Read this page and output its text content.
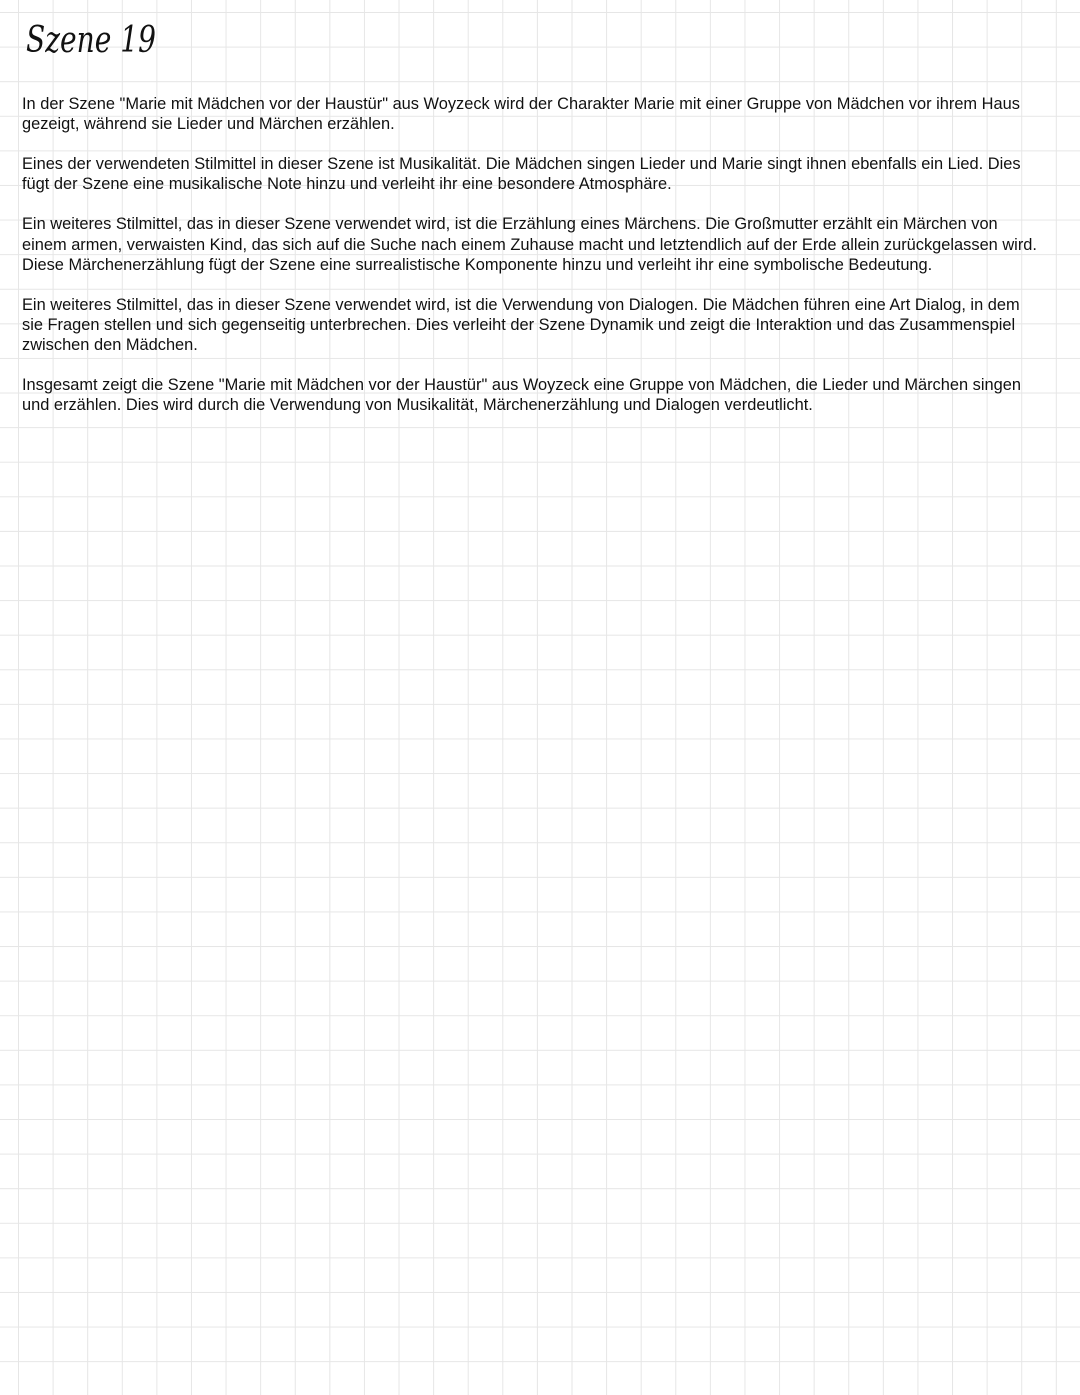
Szene 19

In der Szene "Marie mit Mädchen vor der Haustür" aus Woyzeck wird der Charakter Marie mit einer Gruppe von Mädchen vor ihrem Haus gezeigt, während sie Lieder und Märchen erzählen.

Eines der verwendeten Stilmittel in dieser Szene ist Musikalität. Die Mädchen singen Lieder und Marie singt ihnen ebenfalls ein Lied. Dies fügt der Szene eine musikalische Note hinzu und verleiht ihr eine besondere Atmosphäre.

Ein weiteres Stilmittel, das in dieser Szene verwendet wird, ist die Erzählung eines Märchens. Die Großmutter erzählt ein Märchen von einem armen, verwaisten Kind, das sich auf die Suche nach einem Zuhause macht und letztendlich auf der Erde allein zurückgelassen wird. Diese Märchenerzählung fügt der Szene eine surrealistische Komponente hinzu und verleiht ihr eine symbolische Bedeutung.

Ein weiteres Stilmittel, das in dieser Szene verwendet wird, ist die Verwendung von Dialogen. Die Mädchen führen eine Art Dialog, in dem sie Fragen stellen und sich gegenseitig unterbrechen. Dies verleiht der Szene Dynamik und zeigt die Interaktion und das Zusammenspiel zwischen den Mädchen.

Insgesamt zeigt die Szene "Marie mit Mädchen vor der Haustür" aus Woyzeck eine Gruppe von Mädchen, die Lieder und Märchen singen und erzählen. Dies wird durch die Verwendung von Musikalität, Märchenerzählung und Dialogen verdeutlicht.
